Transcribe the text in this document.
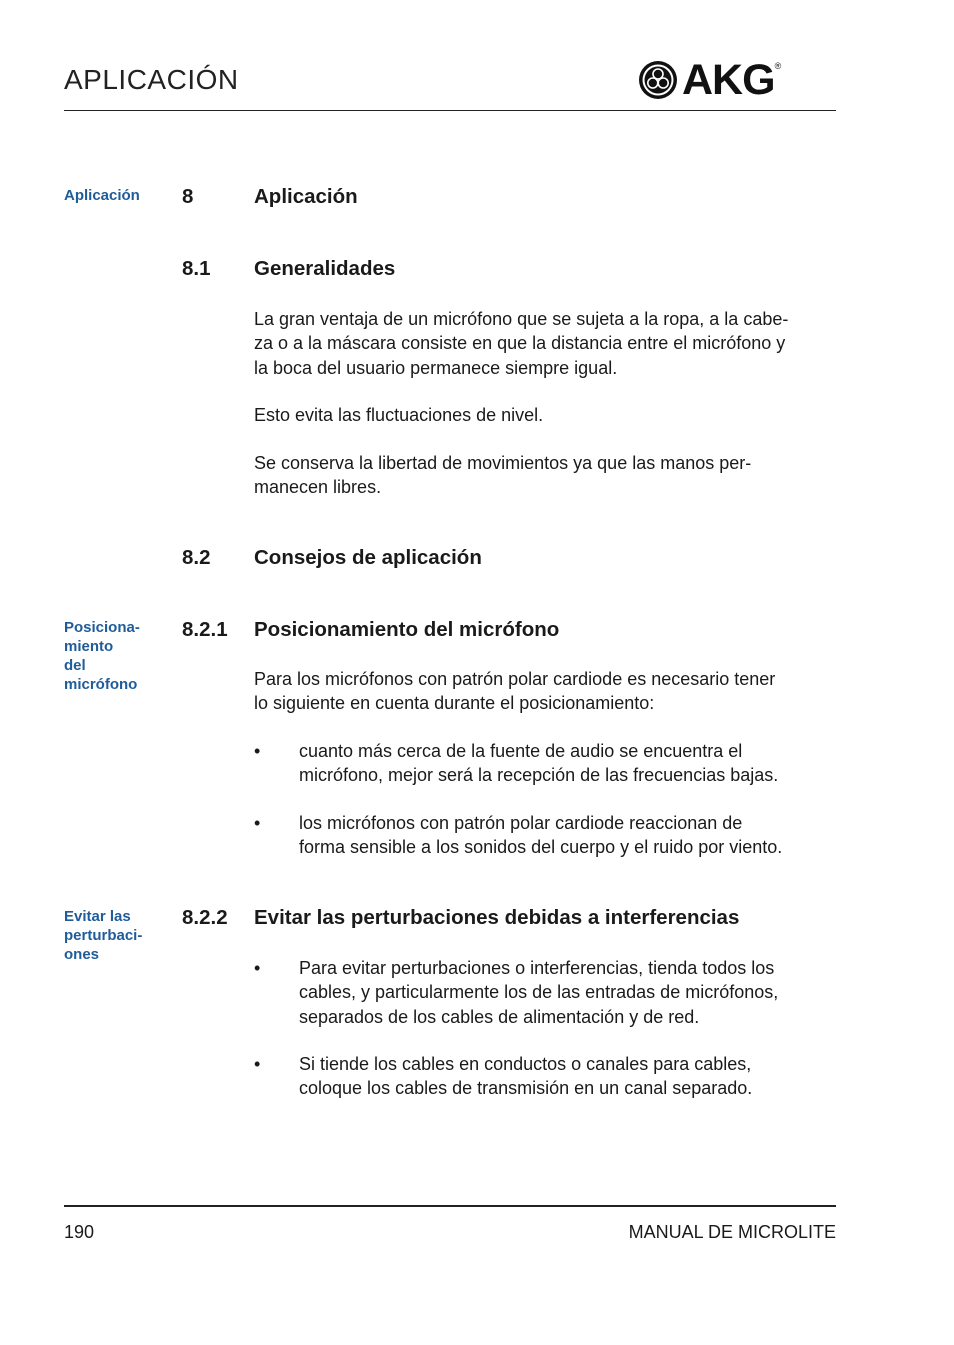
APLICACIÓN	AKG ®
Aplicación
Posiciona-
miento
del
micrófono
Evitar las
perturbaci-
ones
8	Aplicación
8.1 Generalidades
La gran ventaja de un micrófono que se sujeta a la ropa, a la cabe-
za o a la máscara consiste en que la distancia entre el micrófono y
la boca del usuario permanece siempre igual.
Esto evita las fluctuaciones de nivel.
Se conserva la libertad de movimientos ya que las manos per-
manecen libres.
8.2 Consejos de aplicación
8.2.1 Posicionamiento del micrófono
Para los micrófonos con patrón polar cardiode es necesario tener
lo siguiente en cuenta durante el posicionamiento:
• cuanto más cerca de la fuente de audio se encuentra el
micrófono, mejor será la recepción de las frecuencias bajas.
• los micrófonos con patrón polar cardiode reaccionan de
forma sensible a los sonidos del cuerpo y el ruido por viento.
8.2.2 Evitar las perturbaciones debidas a interferencias
• Para evitar perturbaciones o interferencias, tienda todos los
cables, y particularmente los de las entradas de micrófonos,
separados de los cables de alimentación y de red.
• Si tiende los cables en conductos o canales para cables,
coloque los cables de transmisión en un canal separado.
190	MANUAL DE MICROLITE
